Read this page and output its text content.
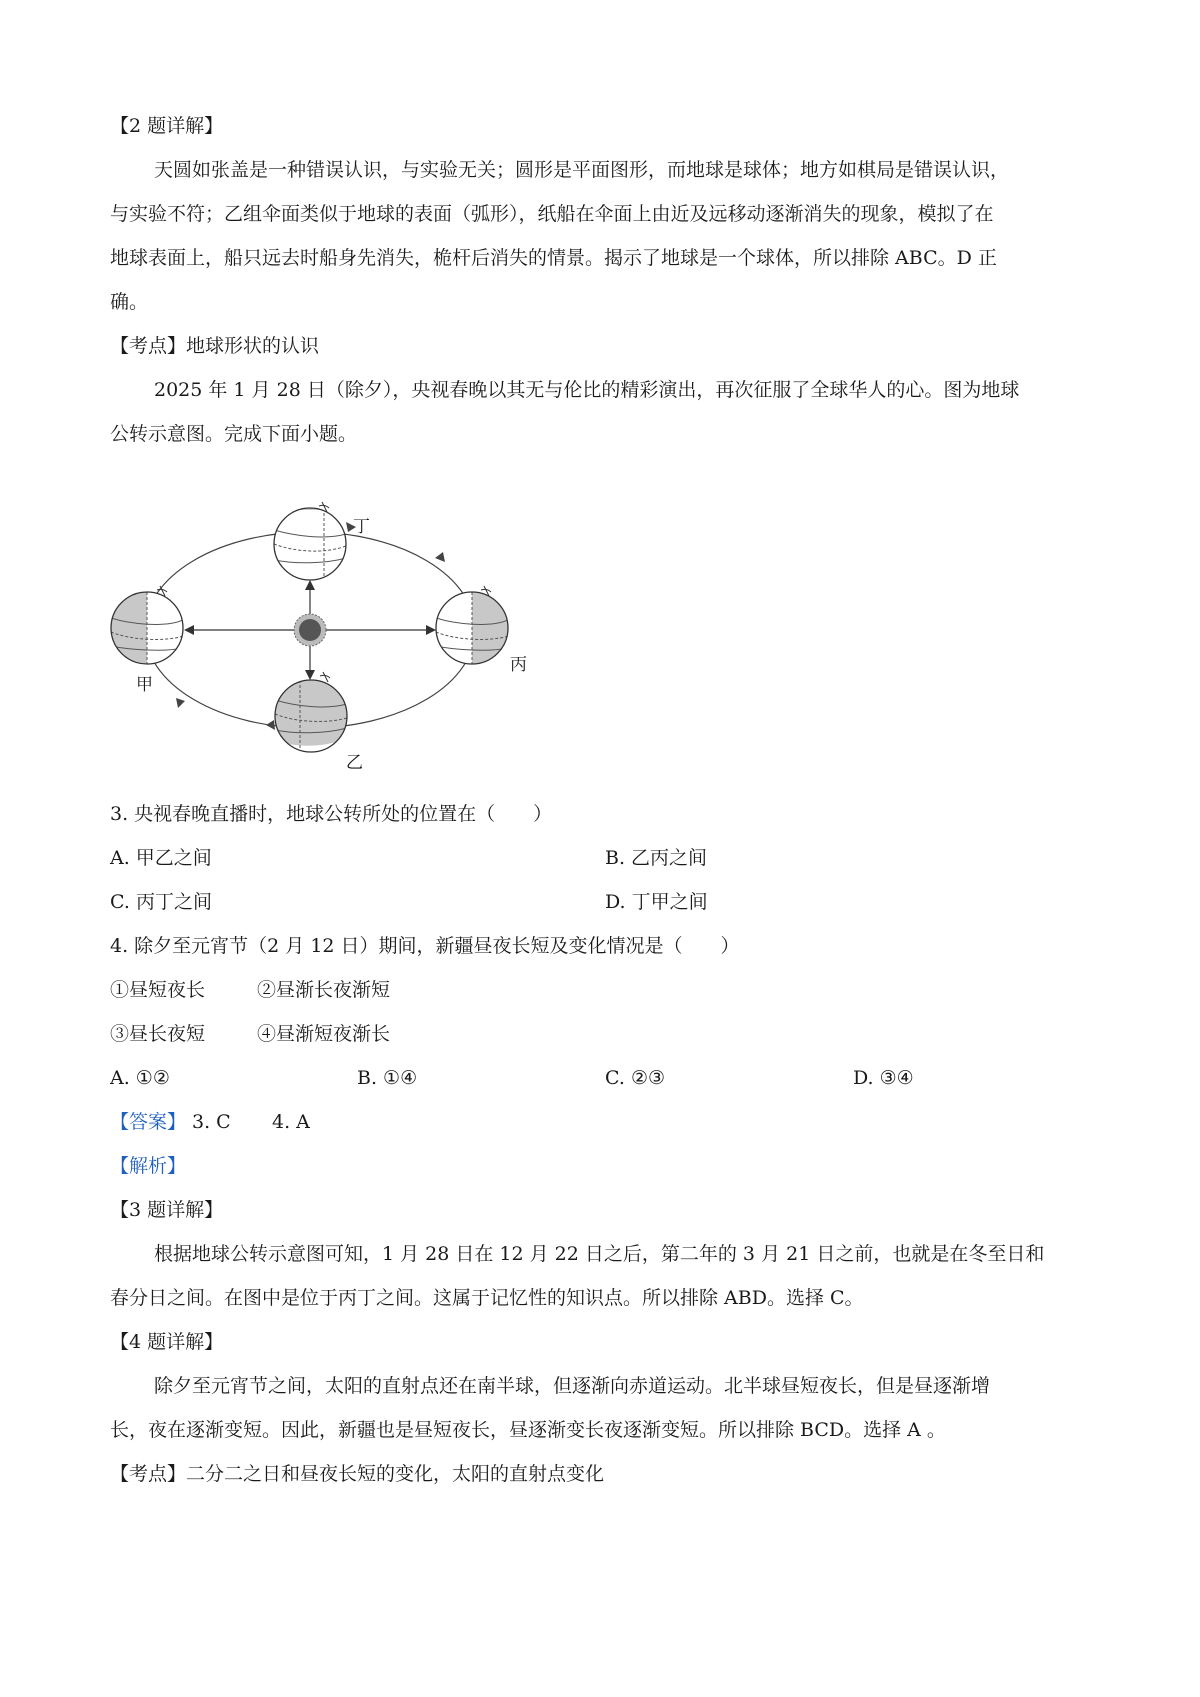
【2 题详解】
天圆如张盖是一种错误认识，与实验无关；圆形是平面图形，而地球是球体；地方如棋局是错误认识，
与实验不符；乙组伞面类似于地球的表面（弧形），纸船在伞面上由近及远移动逐渐消失的现象，模拟了在
地球表面上，船只远去时船身先消失，桅杆后消失的情景。揭示了地球是一个球体，所以排除 ABC。D 正
确。
【考点】地球形状的认识
2025 年 1 月 28 日（除夕），央视春晚以其无与伦比的精彩演出，再次征服了全球华人的心。图为地球
公转示意图。完成下面小题。
丁
甲
丙
乙
3. 央视春晚直播时，地球公转所处的位置在（　　）
A. 甲乙之间	B. 乙丙之间
C. 丙丁之间	D. 丁甲之间
4. 除夕至元宵节（2 月 12 日）期间，新疆昼夜长短及变化情况是（　　）
①昼短夜长	②昼渐长夜渐短
③昼长夜短	④昼渐短夜渐长
A. ①②	B. ①④	C. ②③	D. ③④
【答案】 3. C 4. A
【解析】
【3 题详解】
根据地球公转示意图可知，1 月 28 日在 12 月 22 日之后，第二年的 3 月 21 日之前，也就是在冬至日和
春分日之间。在图中是位于丙丁之间。这属于记忆性的知识点。所以排除 ABD。选择 C。
【4 题详解】
除夕至元宵节之间，太阳的直射点还在南半球，但逐渐向赤道运动。北半球昼短夜长，但是昼逐渐增
长，夜在逐渐变短。因此，新疆也是昼短夜长，昼逐渐变长夜逐渐变短。所以排除 BCD。选择 A 。
【考点】二分二之日和昼夜长短的变化，太阳的直射点变化
